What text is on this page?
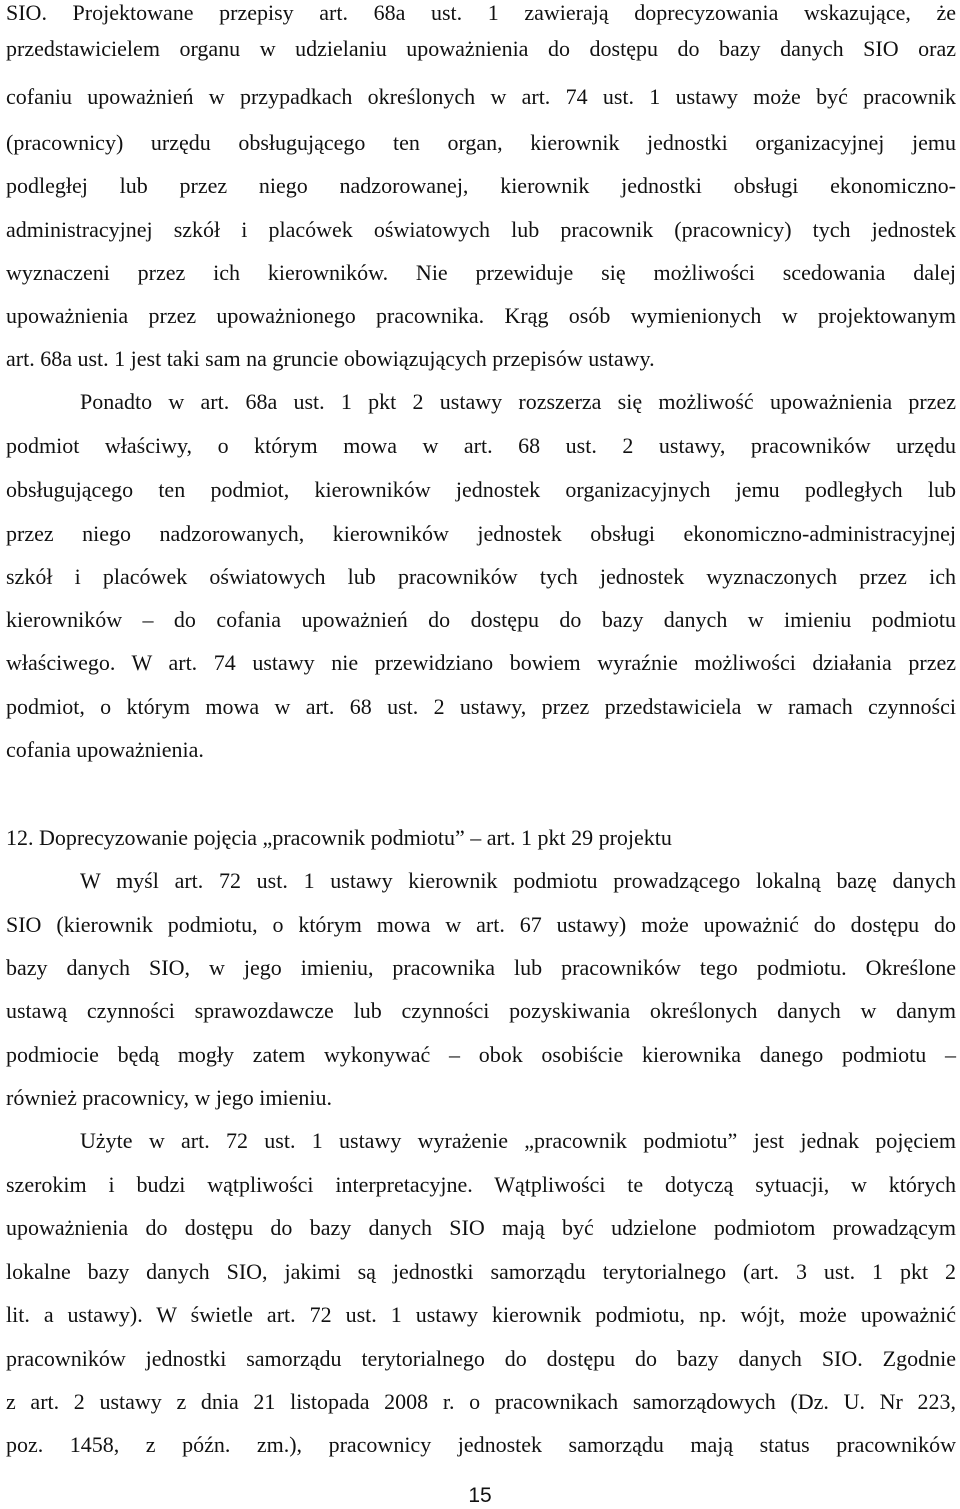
SIO. Projektowane przepisy art. 68a ust. 1 zawierają doprecyzowania wskazujące, że
przedstawicielem organu w udzielaniu upoważnienia do dostępu do bazy danych SIO oraz
cofaniu upoważnień w przypadkach określonych w art. 74 ust. 1 ustawy może być pracownik
(pracownicy) urzędu obsługującego ten organ, kierownik jednostki organizacyjnej jemu
podległej lub przez niego nadzorowanej, kierownik jednostki obsługi ekonomiczno-
administracyjnej szkół i placówek oświatowych lub pracownik (pracownicy) tych jednostek
wyznaczeni przez ich kierowników. Nie przewiduje się możliwości scedowania dalej
upoważnienia przez upoważnionego pracownika. Krąg osób wymienionych w projektowanym
art. 68a ust. 1 jest taki sam na gruncie obowiązujących przepisów ustawy.
Ponadto w art. 68a ust. 1 pkt 2 ustawy rozszerza się możliwość upoważnienia przez
podmiot właściwy, o którym mowa w art. 68 ust. 2 ustawy, pracowników urzędu
obsługującego ten podmiot, kierowników jednostek organizacyjnych jemu podległych lub
przez niego nadzorowanych, kierowników jednostek obsługi ekonomiczno-administracyjnej
szkół i placówek oświatowych lub pracowników tych jednostek wyznaczonych przez ich
kierowników – do cofania upoważnień do dostępu do bazy danych w imieniu podmiotu
właściwego. W art. 74 ustawy nie przewidziano bowiem wyraźnie możliwości działania przez
podmiot, o którym mowa w art. 68 ust. 2 ustawy, przez przedstawiciela w ramach czynności
cofania upoważnienia.
12. Doprecyzowanie pojęcia „pracownik podmiotu” – art. 1 pkt 29 projektu
W myśl art. 72 ust. 1 ustawy kierownik podmiotu prowadzącego lokalną bazę danych
SIO (kierownik podmiotu, o którym mowa w art. 67 ustawy) może upoważnić do dostępu do
bazy danych SIO, w jego imieniu, pracownika lub pracowników tego podmiotu. Określone
ustawą czynności sprawozdawcze lub czynności pozyskiwania określonych danych w danym
podmiocie będą mogły zatem wykonywać – obok osobiście kierownika danego podmiotu –
również pracownicy, w jego imieniu.
Użyte w art. 72 ust. 1 ustawy wyrażenie „pracownik podmiotu” jest jednak pojęciem
szerokim i budzi wątpliwości interpretacyjne. Wątpliwości te dotyczą sytuacji, w których
upoważnienia do dostępu do bazy danych SIO mają być udzielone podmiotom prowadzącym
lokalne bazy danych SIO, jakimi są jednostki samorządu terytorialnego (art. 3 ust. 1 pkt 2
lit. a ustawy). W świetle art. 72 ust. 1 ustawy kierownik podmiotu, np. wójt, może upoważnić
pracowników jednostki samorządu terytorialnego do dostępu do bazy danych SIO. Zgodnie
z art. 2 ustawy z dnia 21 listopada 2008 r. o pracownikach samorządowych (Dz. U. Nr 223,
poz. 1458, z późn. zm.), pracownicy jednostek samorządu mają status pracowników
15
